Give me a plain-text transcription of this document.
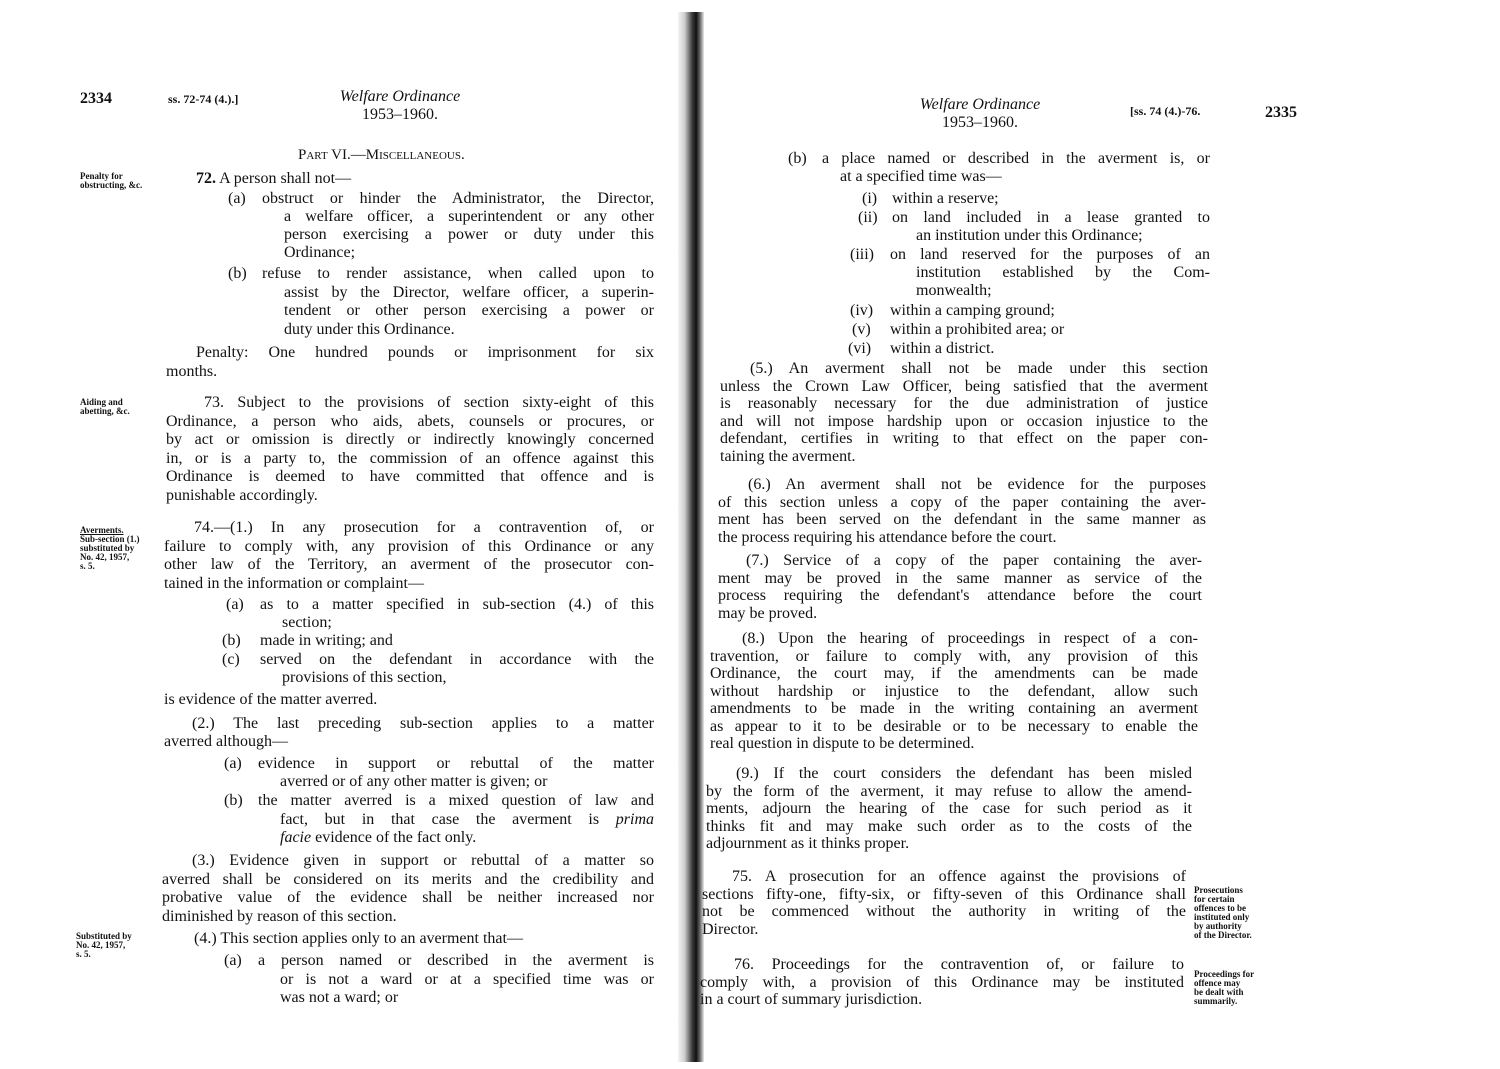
2334	ss. 72-74 (4.).]	Welfare Ordinance
1953–1960.
Part VI.—Miscellaneous.
Penalty for
obstructing, &c.
Aiding and
abetting, &c.
Averments.
Sub-section (1.)
substituted by
No. 42, 1957,
s. 5.
Substituted by
No. 42, 1957,
s. 5.
72. A person shall not—
(a) obstruct or hinder the Administrator, the Director,
a welfare officer, a superintendent or any other
person exercising a power or duty under this
Ordinance;
(b) refuse to render assistance, when called upon to
assist by the Director, welfare officer, a superin-
tendent or other person exercising a power or
duty under this Ordinance.
Penalty: One hundred pounds or imprisonment for six
months.
73. Subject to the provisions of section sixty-eight of this
Ordinance, a person who aids, abets, counsels or procures, or
by act or omission is directly or indirectly knowingly concerned
in, or is a party to, the commission of an offence against this
Ordinance is deemed to have committed that offence and is
punishable accordingly.
74.—(1.) In any prosecution for a contravention of, or
failure to comply with, any provision of this Ordinance or any
other law of the Territory, an averment of the prosecutor con-
tained in the information or complaint—
(a) as to a matter specified in sub-section (4.) of this
section;
(b) made in writing; and
(c) served on the defendant in accordance with the
provisions of this section,
is evidence of the matter averred.
(2.) The last preceding sub-section applies to a matter
averred although—
(a) evidence in support or rebuttal of the matter
averred or of any other matter is given; or
(b) the matter averred is a mixed question of law and
fact, but in that case the averment is prima
facie evidence of the fact only.
(3.) Evidence given in support or rebuttal of a matter so
averred shall be considered on its merits and the credibility and
probative value of the evidence shall be neither increased nor
diminished by reason of this section.
(4.) This section applies only to an averment that—
(a) a person named or described in the averment is
or is not a ward or at a specified time was or
was not a ward; or
Welfare Ordinance
1953–1960.
[ss. 74 (4.)-76.	2335
(b) a place named or described in the averment is, or
at a specified time was—
(i) within a reserve;
(ii) on land included in a lease granted to
an institution under this Ordinance;
(iii) on land reserved for the purposes of an
institution established by the Com-
monwealth;
(iv) within a camping ground;
(v) within a prohibited area; or
(vi) within a district.
(5.) An averment shall not be made under this section
unless the Crown Law Officer, being satisfied that the averment
is reasonably necessary for the due administration of justice
and will not impose hardship upon or occasion injustice to the
defendant, certifies in writing to that effect on the paper con-
taining the averment.
(6.) An averment shall not be evidence for the purposes
of this section unless a copy of the paper containing the aver-
ment has been served on the defendant in the same manner as
the process requiring his attendance before the court.
(7.) Service of a copy of the paper containing the aver-
ment may be proved in the same manner as service of the
process requiring the defendant's attendance before the court
may be proved.
(8.) Upon the hearing of proceedings in respect of a con-
travention, or failure to comply with, any provision of this
Ordinance, the court may, if the amendments can be made
without hardship or injustice to the defendant, allow such
amendments to be made in the writing containing an averment
as appear to it to be desirable or to be necessary to enable the
real question in dispute to be determined.
(9.) If the court considers the defendant has been misled
by the form of the averment, it may refuse to allow the amend-
ments, adjourn the hearing of the case for such period as it
thinks fit and may make such order as to the costs of the
adjournment as it thinks proper.
75. A prosecution for an offence against the provisions of
sections fifty-one, fifty-six, or fifty-seven of this Ordinance shall
not be commenced without the authority in writing of the
Director.
Prosecutions
for certain
offences to be
instituted only
by authority
of the Director.
76. Proceedings for the contravention of, or failure to
comply with, a provision of this Ordinance may be instituted
in a court of summary jurisdiction.
Proceedings for
offence may
be dealt with
summarily.
